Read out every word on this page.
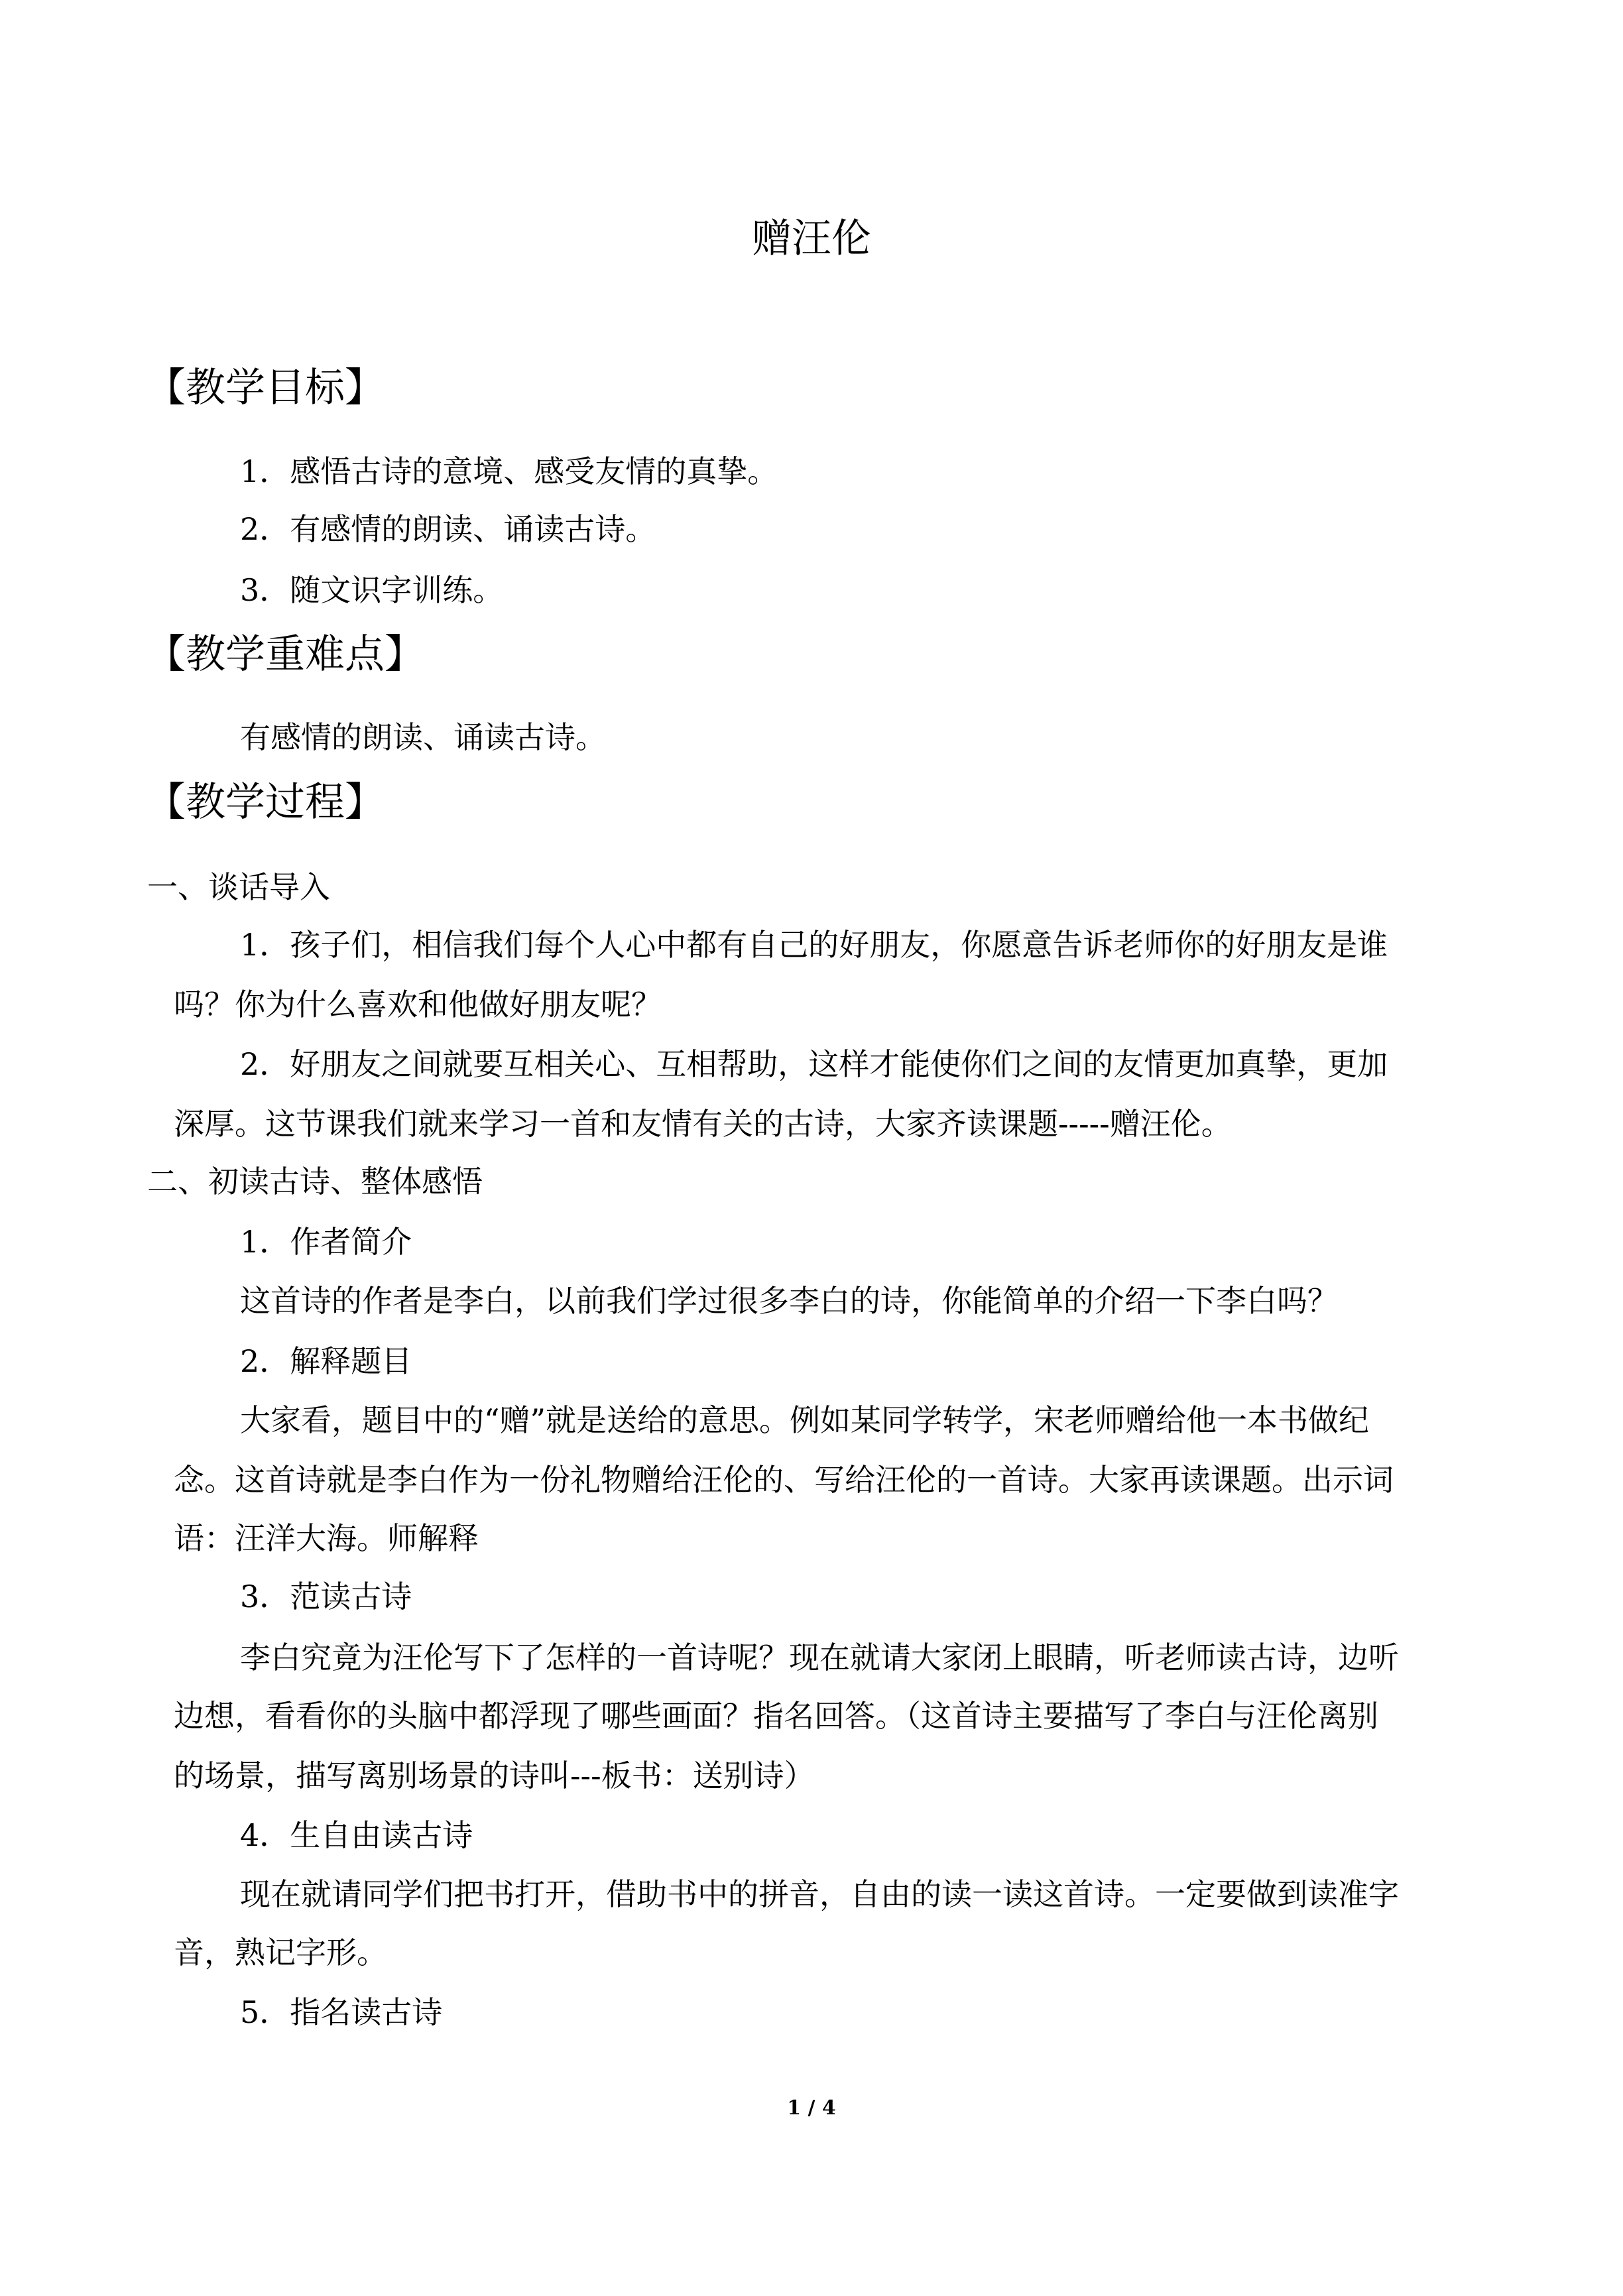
赠汪伦
【教学目标】
1．感悟古诗的意境、感受友情的真挚。
2．有感情的朗读、诵读古诗。
3．随文识字训练。
【教学重难点】
有感情的朗读、诵读古诗。
【教学过程】
一、谈话导入
1．孩子们，相信我们每个人心中都有自己的好朋友，你愿意告诉老师你的好朋友是谁
吗？你为什么喜欢和他做好朋友呢？
2．好朋友之间就要互相关心、互相帮助，这样才能使你们之间的友情更加真挚，更加
深厚。这节课我们就来学习一首和友情有关的古诗，大家齐读课题-----赠汪伦。
二、初读古诗、整体感悟
1．作者简介
这首诗的作者是李白，以前我们学过很多李白的诗，你能简单的介绍一下李白吗？
2．解释题目
大家看，题目中的“赠”就是送给的意思。例如某同学转学，宋老师赠给他一本书做纪
念。这首诗就是李白作为一份礼物赠给汪伦的、写给汪伦的一首诗。大家再读课题。出示词
语：汪洋大海。师解释
3．范读古诗
李白究竟为汪伦写下了怎样的一首诗呢？现在就请大家闭上眼睛，听老师读古诗，边听
边想，看看你的头脑中都浮现了哪些画面？指名回答。（这首诗主要描写了李白与汪伦离别
的场景，描写离别场景的诗叫---板书：送别诗）
4．生自由读古诗
现在就请同学们把书打开，借助书中的拼音，自由的读一读这首诗。一定要做到读准字
音，熟记字形。
5．指名读古诗
1 / 4
